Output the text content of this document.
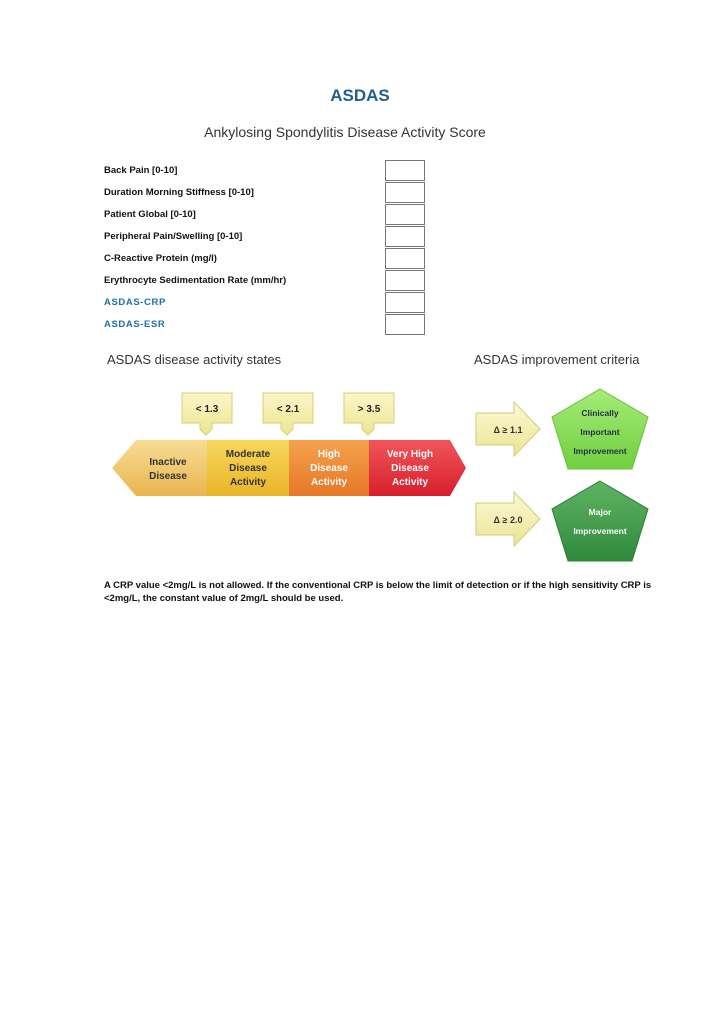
ASDAS
Ankylosing Spondylitis Disease Activity Score
Back Pain [0-10]
Duration Morning Stiffness [0-10]
Patient Global [0-10]
Peripheral Pain/Swelling [0-10]
C-Reactive Protein (mg/l)
Erythrocyte Sedimentation Rate (mm/hr)
ASDAS-CRP
ASDAS-ESR
ASDAS disease activity states	ASDAS improvement criteria
< 1.3	< 2.1	> 3.5
Inactive
Disease
Moderate
Disease
Activity
High
Disease
Activity
Very High
Disease
Activity
Δ ≥ 1.1
Clinically
Important
Improvement
Δ ≥ 2.0
Major
Improvement
A CRP value <2mg/L is not allowed. If the conventional CRP is below the limit of detection or if the high sensitivity CRP is <2mg/L, the constant value of 2mg/L should be used.
